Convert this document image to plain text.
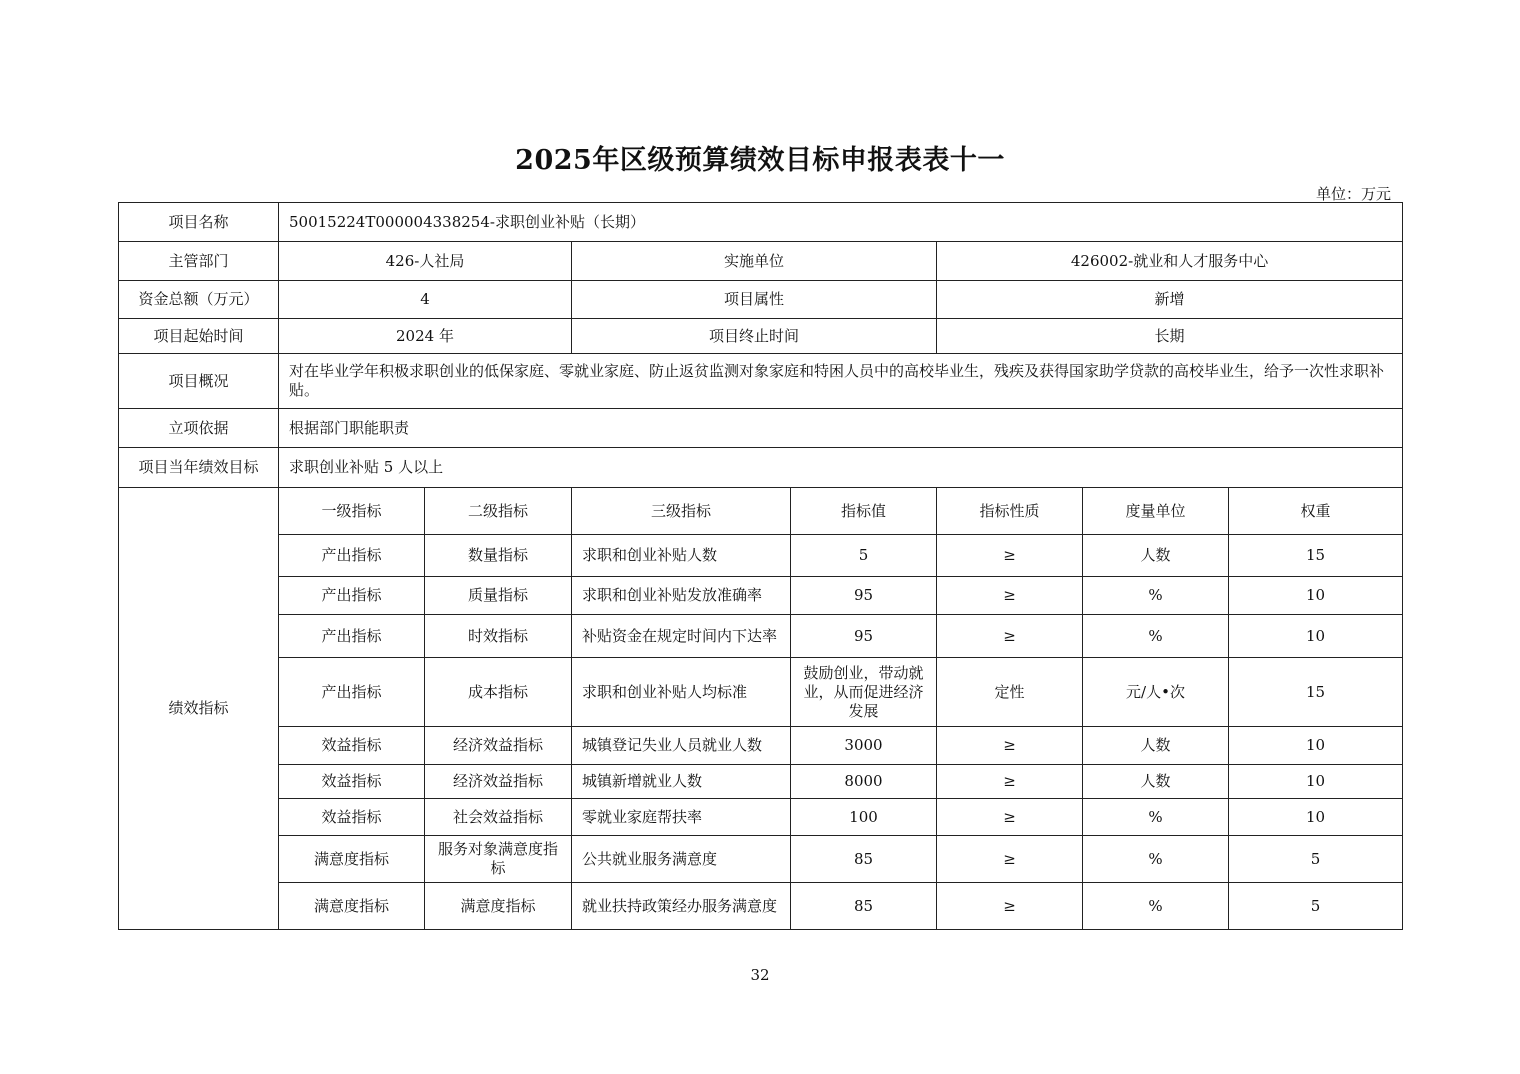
2025年区级预算绩效目标申报表表十一
单位：万元
项目名称	50015224T000004338254-求职创业补贴（长期）						
主管部门	426-人社局		实施单位		426002-就业和人才服务中心		
资金总额（万元）	4		项目属性		新增		
项目起始时间	2024 年		项目终止时间		长期		
项目概况	对在毕业学年积极求职创业的低保家庭、零就业家庭、防止返贫监测对象家庭和特困人员中的高校毕业生，残疾及获得国家助学贷款的高校毕业生，给予一次性求职补贴。						
立项依据	根据部门职能职责						
项目当年绩效目标	求职创业补贴 5 人以上						
绩效指标	一级指标	二级指标	三级指标	指标值	指标性质	度量单位	权重
	产出指标	数量指标	求职和创业补贴人数	5	≥	人数	15
	产出指标	质量指标	求职和创业补贴发放准确率	95	≥	%	10
	产出指标	时效指标	补贴资金在规定时间内下达率	95	≥	%	10
	产出指标	成本指标	求职和创业补贴人均标准	鼓励创业，带动就业，从而促进经济发展	定性	元/人•次	15
	效益指标	经济效益指标	城镇登记失业人员就业人数	3000	≥	人数	10
	效益指标	经济效益指标	城镇新增就业人数	8000	≥	人数	10
	效益指标	社会效益指标	零就业家庭帮扶率	100	≥	%	10
	满意度指标	服务对象满意度指标	公共就业服务满意度	85	≥	%	5
	满意度指标	满意度指标	就业扶持政策经办服务满意度	85	≥	%	5
32
